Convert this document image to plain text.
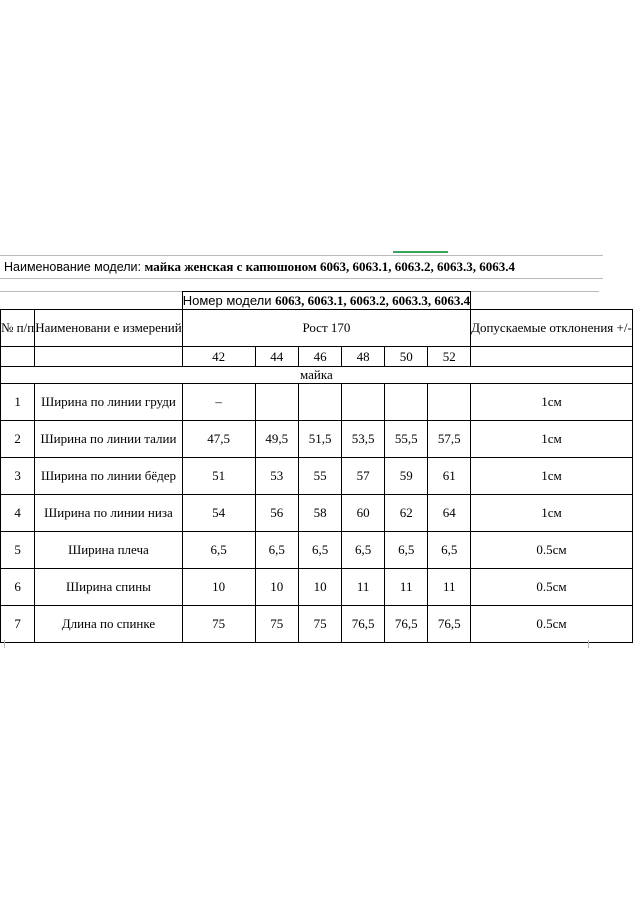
Наименование модели: майка женская с капюшоном 6063, 6063.1, 6063.2, 6063.3, 6063.4
		Номер модели 6063, 6063.1, 6063.2, 6063.3, 6063.4						
№ п/п	Наименовани е измерений	Рост 170						Допускаемые отклонения +/-
		42	44	46	48	50	52	
майка								
1	Ширина по линии груди	–						1см
2	Ширина по линии талии	47,5	49,5	51,5	53,5	55,5	57,5	1см
3	Ширина по линии бёдер	51	53	55	57	59	61	1см
4	Ширина по линии низа	54	56	58	60	62	64	1см
5	Ширина плеча	6,5	6,5	6,5	6,5	6,5	6,5	0.5см
6	Ширина спины	10	10	10	11	11	11	0.5см
7	Длина по спинке	75	75	75	76,5	76,5	76,5	0.5см
